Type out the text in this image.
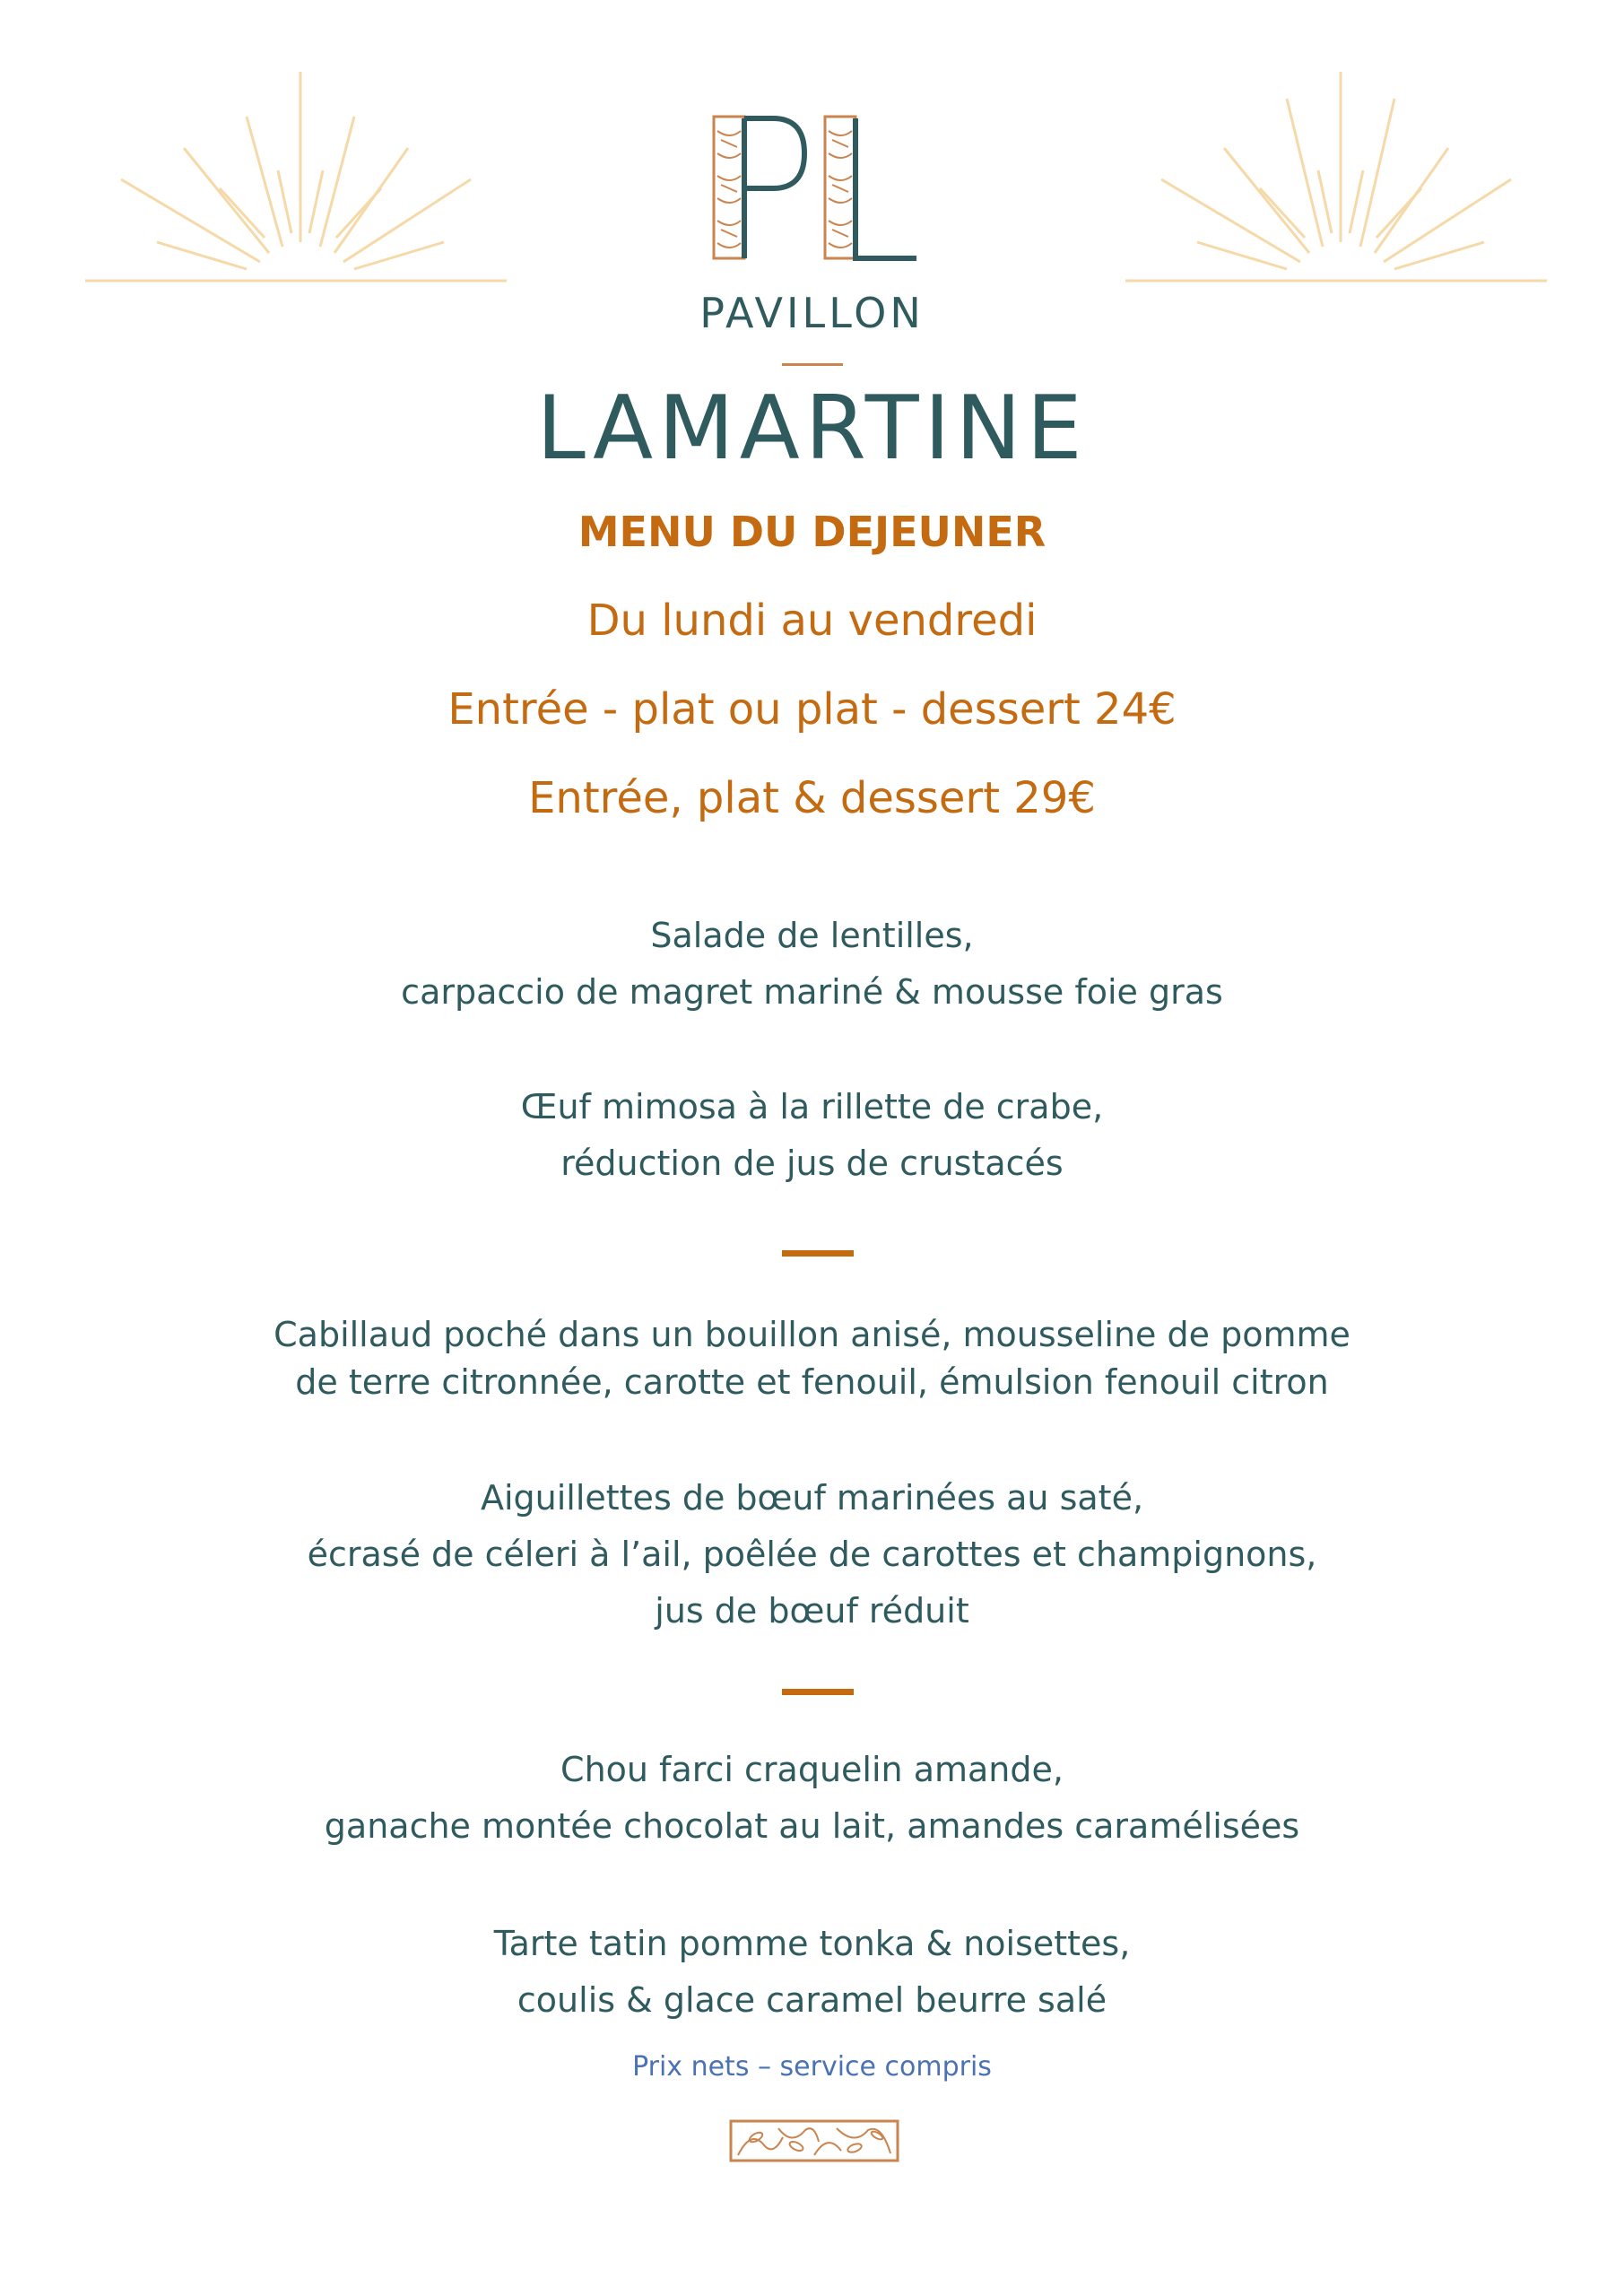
PAVILLON
LAMARTINE
MENU DU DEJEUNER
Du lundi au vendredi
Entrée - plat ou plat - dessert 24€
Entrée, plat & dessert 29€
Salade de lentilles,
carpaccio de magret mariné & mousse foie gras
Œuf mimosa à la rillette de crabe,
réduction de jus de crustacés
Cabillaud poché dans un bouillon anisé, mousseline de pomme
de terre citronnée, carotte et fenouil, émulsion fenouil citron
Aiguillettes de bœuf marinées au saté,
écrasé de céleri à l’ail, poêlée de carottes et champignons,
jus de bœuf réduit
Chou farci craquelin amande,
ganache montée chocolat au lait, amandes caramélisées
Tarte tatin pomme tonka & noisettes,
coulis & glace caramel beurre salé
Prix nets – service compris
